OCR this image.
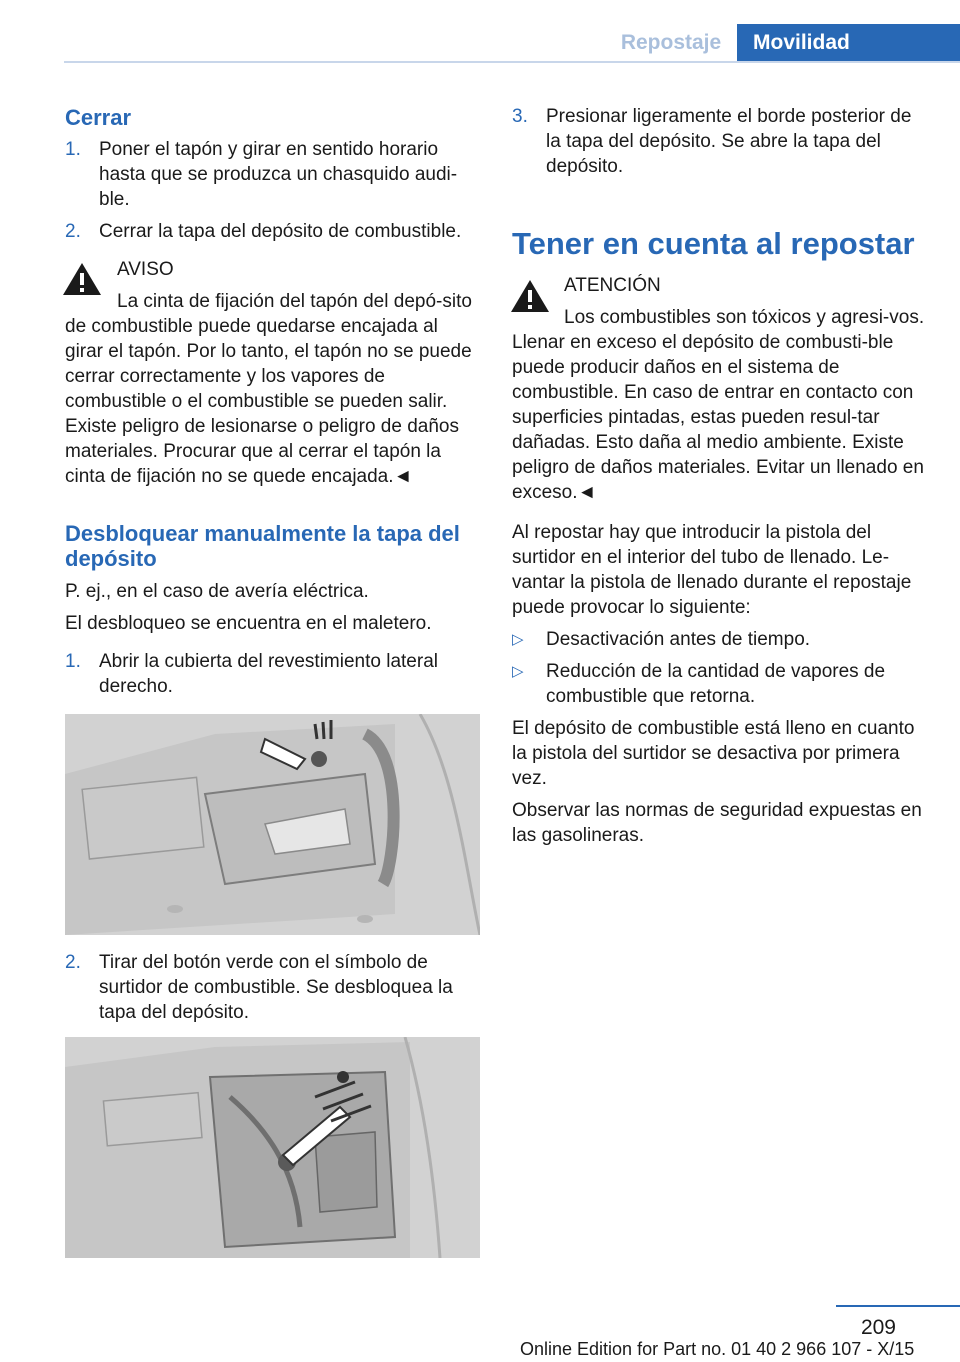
Repostaje	Movilidad
Cerrar
1. Poner el tapón y girar en sentido horario hasta que se produzca un chasquido audi‐ble.
2. Cerrar la tapa del depósito de combustible.
AVISO
La cinta de fijación del tapón del depó‐sito de combustible puede quedarse encajada al girar el tapón. Por lo tanto, el tapón no se puede cerrar correctamente y los vapores de combustible o el combustible se pueden salir. Existe peligro de lesionarse o peligro de daños materiales. Procurar que al cerrar el tapón la cinta de fijación no se quede encajada.◄
Desbloquear manualmente la tapa del depósito
P. ej., en el caso de avería eléctrica.
El desbloqueo se encuentra en el maletero.
1. Abrir la cubierta del revestimiento lateral derecho.
2. Tirar del botón verde con el símbolo de surtidor de combustible. Se desbloquea la tapa del depósito.
3. Presionar ligeramente el borde posterior de la tapa del depósito. Se abre la tapa del depósito.
Tener en cuenta al repostar
ATENCIÓN
Los combustibles son tóxicos y agresi‐vos. Llenar en exceso el depósito de combusti‐ble puede producir daños en el sistema de combustible. En caso de entrar en contacto con superficies pintadas, estas pueden resul‐tar dañadas. Esto daña al medio ambiente. Existe peligro de daños materiales. Evitar un llenado en exceso.◄
Al repostar hay que introducir la pistola del surtidor en el interior del tubo de llenado. Le‐vantar la pistola de llenado durante el repostaje puede provocar lo siguiente:
▷ Desactivación antes de tiempo.
▷ Reducción de la cantidad de vapores de combustible que retorna.
El depósito de combustible está lleno en cuanto la pistola del surtidor se desactiva por primera vez.
Observar las normas de seguridad expuestas en las gasolineras.
209
Online Edition for Part no. 01 40 2 966 107 - X/15
